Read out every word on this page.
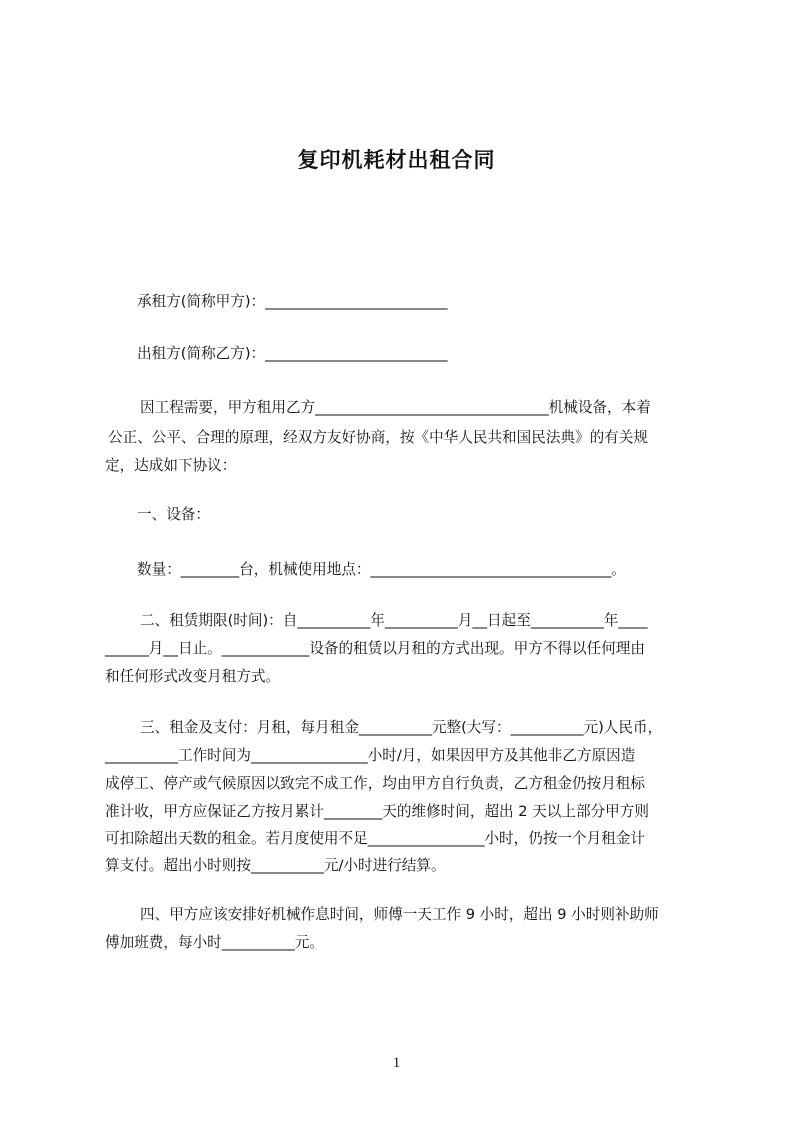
复印机耗材出租合同

承租方(简称甲方)：_________________________

出租方(简称乙方)：_________________________

因工程需要，甲方租用乙方________________________________机械设备，本着

公正、公平、合理的原理，经双方友好协商，按《中华人民共和国民法典》的有关规

定，达成如下协议：

一、设备：

数量：________台，机械使用地点：_________________________________。

二、租赁期限(时间)：自__________年__________月__日起至__________年____

______月__日止。____________设备的租赁以月租的方式出现。甲方不得以任何理由

和任何形式改变月租方式。

三、租金及支付：月租，每月租金__________元整(大写：__________元)人民币，

__________工作时间为________________小时/月，如果因甲方及其他非乙方原因造

成停工、停产或气候原因以致完不成工作，均由甲方自行负责，乙方租金仍按月租标

准计收，甲方应保证乙方按月累计________天的维修时间，超出 2 天以上部分甲方则

可扣除超出天数的租金。若月度使用不足________________小时，仍按一个月租金计

算支付。超出小时则按__________元/小时进行结算。

四、甲方应该安排好机械作息时间，师傅一天工作 9 小时，超出 9 小时则补助师

傅加班费，每小时__________元。

1
